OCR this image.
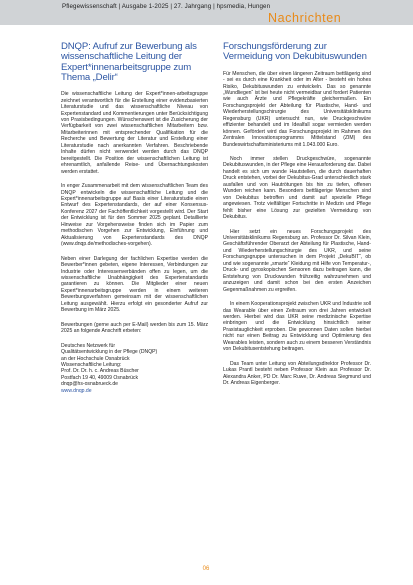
Pflegewissenschaft | Ausgabe 1-2025 | 27. Jahrgang | hpsmedia, Hungen
Nachrichten
DNQP: Aufruf zur Bewerbung als wissenschaftliche Leitung der Expert*innenarbeitsgruppe zum Thema „Delir“

Die wissenschaftliche Leitung der Expert*innen-arbeitsgruppe zeichnet verantwortlich für die Erstellung einer evidenzbasierten Literaturstudie und das wissenschaftliche Niveau von Expertenstandard und Kommentierungen unter Berücksichtigung von Praxisbedingungen. Wünschenswert ist die Zusicherung der Verfügbarkeit von zwei wissenschaftlichen Mitarbeitern bzw. Mitarbeiterinnen mit entsprechender Qualifikation für die Recherche und Bewertung der Literatur und Erstellung einer Literaturstudie nach anerkannten Verfahren. Beschriebende Inhalte dürfen nicht verwendet werden durch das DNQP bereitgestellt. Die Position der wissenschaftlichen Leitung ist ehrenamtlich, anfallende Reise- und Übernachtungskosten werden erstattet.

In enger Zusammenarbeit mit dem wissenschaftlichen Team des DNQP entwickeln die wissenschaftliche Leitung und die Expert*innenarbeitsgruppe auf Basis einer Literaturstudie einen Entwurf des Expertenstandards, der auf einer Konsensus-Konferenz 2027 der Fachöffentlichkeit vorgestellt wird. Der Start der Entwicklung ist für den Sommer 2025 geplant. Detaillierte Hinweise zur Vorgehensweise finden sich im Papier zum methodischen Vorgehen zur Entwicklung, Einführung und Aktualisierung von Expertenstandards des DNQP (www.dnqp.de/methodisches-vorgehen).

Neben einer Darlegung der fachlichen Expertise werden die Bewerber*innen gebeten, eigene Interessen, Verbindungen zur Industrie oder Interessenverbänden offen zu legen, um die wissenschaftliche Unabhängigkeit des Expertenstandards garantieren zu können. Die Mitglieder einer neuen Expert*innenarbeitsgruppe werden in einem weiteren Bewerbungsverfahren gemeinsam mit der wissenschaftlichen Leitung ausgewählt. Hierzu erfolgt ein gesonderter Aufruf zur Bewerbung im März 2025.

Bewerbungen (gerne auch per E-Mail) werden bis zum 15. März 2025 an folgende Anschrift erbeten:

Deutsches Netzwerk für
Qualitätsentwicklung in der Pflege (DNQP)
an der Hochschule Osnabrück
Wissenschaftliche Leitung:
Prof. Dr. Dr. h. c. Andreas Büscher
Postfach 19 40, 49009 Osnabrück
dnqp@hs-osnabrueck.de
www.dnqp.de
Forschungsförderung zur Vermeidung von Dekubituswunden

Für Menschen, die über einen längeren Zeitraum bettlägerig sind - sei es durch eine Krankheit oder im Alter - besteht ein hohes Risiko, Dekubituswunden zu entwickeln. Das so genannte „Wundliegen“ ist bei heute nicht vermeidbar und fordert Patienten wie auch Ärzte und Pflegekräfte gleichermaßen. Ein Forschungsprojekt der Abteilung für Plastische, Hand- und Wiederherstellungschirurgie des Universitätsklinikums Regensburg (UKR) untersucht nun, wie Druckgeschwüre effizienter behandelt und im Idealfall sogar vermieden werden können. Gefördert wird das Forschungsprojekt im Rahmen des Zentralen Innovationsprogramms Mittelstand (ZIM) des Bundeswirtschaftsministeriums mit 1.043.000 Euro.

Noch immer stellen Druckgeschwüre, sogenannte Dekubituswunden, in der Pflege eine Herausforderung dar. Dabei handelt es sich um wunde Hautstellen, die durch dauerhaften Druck entstehen, vorbei der Dekubitus-Grad unterschiedlich stark ausfallen und von Hautrötungen bis hin zu tiefen, offenen Wunden reichen kann. Besonders bettlägerige Menschen sind von Dekubitus betroffen und damit auf spezielle Pflege angewiesen. Trotz vielfältiger Fortschritte in Medizin und Pflege fehlt bisher eine Lösung zur gezielten Vermeidung von Dekubitus.

Hier setzt ein neues Forschungsprojekt des Universitätsklinikums Regensburg an. Professor Dr. Silvan Klein, Geschäftsführender Oberarzt der Abteilung für Plastische, Hand- und Wiederherstellungschirurgie des UKR, und seine Forschungsgruppe untersuchen in dem Projekt „DekuBIT“, ob und wie sogenannte „smarte“ Kleidung mit Hilfe von Temperatur-, Druck- und gyroskopischen Sensoren dazu beitragen kann, die Entstehung von Druckwunden frühzeitig wahrzunehmen und anzuzeigen und damit schon bei den ersten Anzeichen Gegenmaßnahmen zu ergreifen.

In einem Kooperationsprojekt zwischen UKR und Industrie soll das Wearable über einen Zeitraum von drei Jahren entwickelt werden. Hierbei wird das UKR seine medizinische Expertise einbringen und die Entwicklung hinsichtlich seiner Praxistauglichkeit erproben. Die gewonnen Daten sollen hierbei nicht nur einen Beitrag zu Entwicklung und Optimierung des Wearables leisten, sondern auch zu einem besseren Verständnis von Dekubitusentstehung beitragen.

Das Team unter Leitung von Abteilungsdirektor Professor Dr. Lukas Prantl besteht neben Professor Klein aus Professor Dr. Alexandra Anker, PD Dr. Marc Ruwe, Dr. Andreas Siegmund und Dr. Andreas Eigenberger.

06
